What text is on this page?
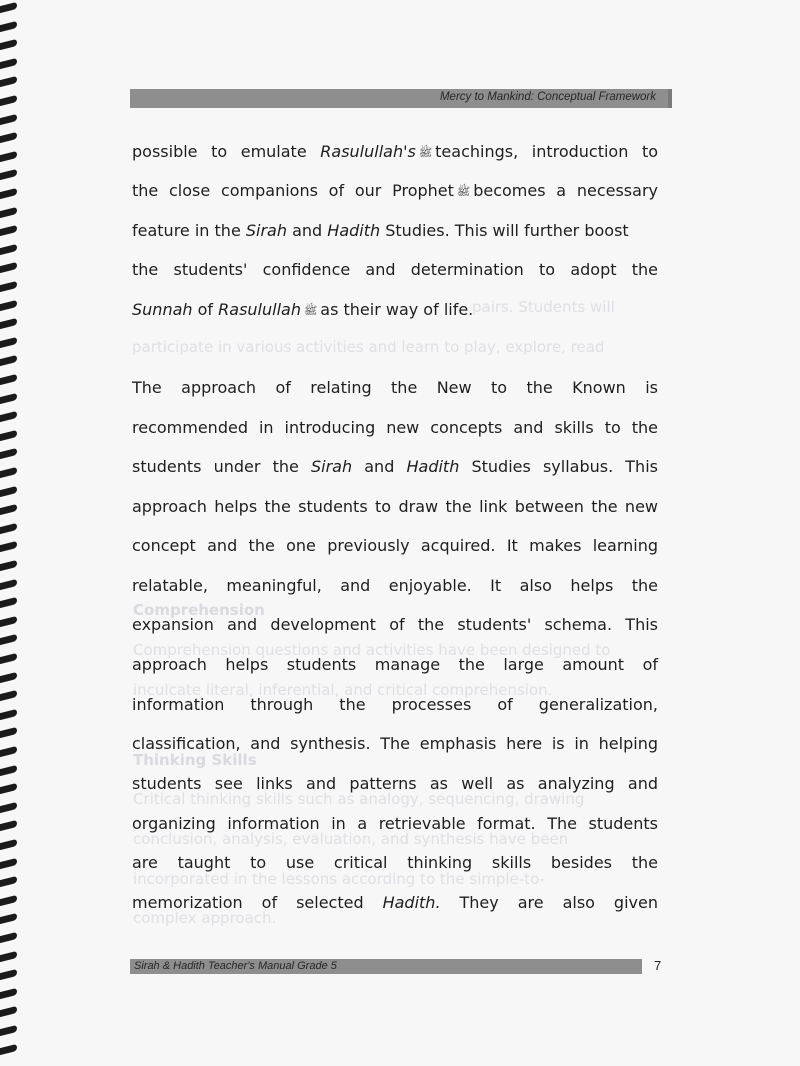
Mercy to Mankind: Conceptual Framework
pairs. Students will
participate in various activities and learn to play, explore, read
Comprehension
Comprehension questions and activities have been designed to
inculcate literal, inferential, and critical comprehension.
Thinking Skills
Critical thinking skills such as analogy, sequencing, drawing
conclusion, analysis, evaluation, and synthesis have been
incorporated in the lessons according to the simple-to-
complex approach.
possible to emulate Rasulullah's ﷺ teachings, introduction to
the close companions of our Prophet ﷺ becomes a necessary
feature in the Sirah and Hadith Studies. This will further boost
the students' confidence and determination to adopt the
Sunnah of Rasulullah ﷺ as their way of life.
The approach of relating the New to the Known is
recommended in introducing new concepts and skills to the
students under the Sirah and Hadith Studies syllabus. This
approach helps the students to draw the link between the new
concept and the one previously acquired. It makes learning
relatable, meaningful, and enjoyable. It also helps the
expansion and development of the students' schema. This
approach helps students manage the large amount of
information through the processes of generalization,
classification, and synthesis. The emphasis here is in helping
students see links and patterns as well as analyzing and
organizing information in a retrievable format. The students
are taught to use critical thinking skills besides the
memorization of selected Hadith. They are also given
Sirah & Hadith Teacher's Manual Grade 5	7
